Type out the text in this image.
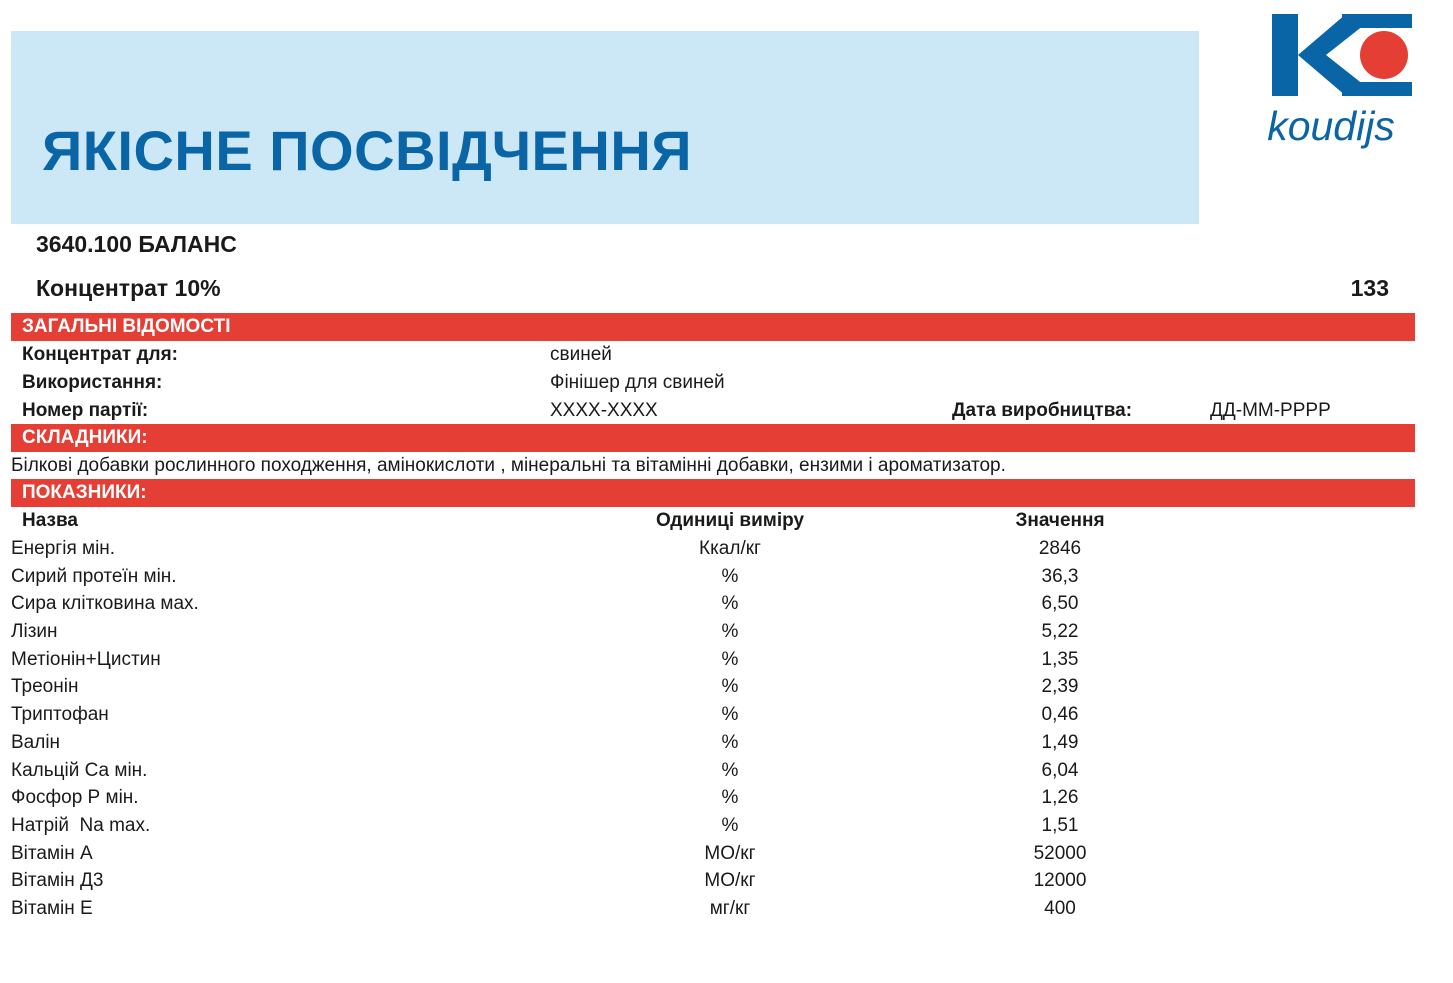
ЯКІСНЕ ПОСВІДЧЕННЯ	koudijs
3640.100 БАЛАНС
Концентрат 10%	133
ЗАГАЛЬНІ ВІДОМОСТІ
Концентрат для:	свиней
Використання:	Фінішер для свиней
Номер партії:	XXXX-XXXX	Дата виробництва:	ДД-ММ-РРРР
СКЛАДНИКИ:
Білкові добавки рослинного походження, амінокислоти , мінеральні та вітамінні добавки, ензими і ароматизатор.
ПОКАЗНИКИ:
Назва	Одиниці виміру	Значення
Енергія мін.	Ккал/кг	2846
Сирий протеїн мін.	%	36,3
Сира клітковина мах.	%	6,50
Лізин	%	5,22
Метіонін+Цистин	%	1,35
Треонін	%	2,39
Триптофан	%	0,46
Валін	%	1,49
Кальцій Са мін.	%	6,04
Фосфор Р мін.	%	1,26
Натрій  Na max.	%	1,51
Вітамін А	МО/кг	52000
Вітамін Д3	МО/кг	12000
Вітамін Е	мг/кг	400
